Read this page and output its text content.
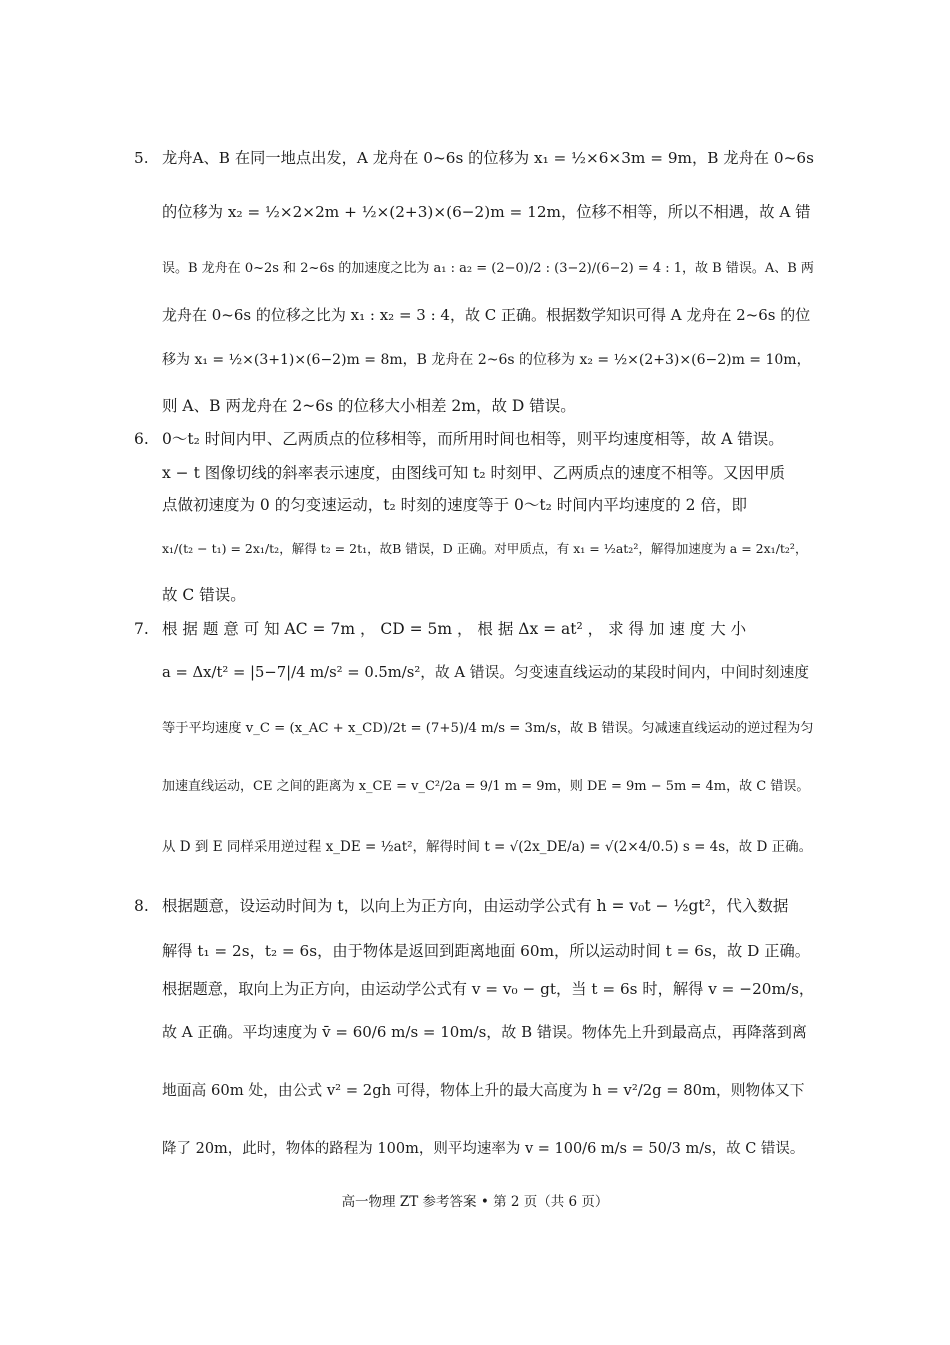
5. 龙舟A、B 在同一地点出发，A 龙舟在 0~6s 的位移为 x₁ = ½×6×3m = 9m，B 龙舟在 0~6s
的位移为 x₂ = ½×2×2m + ½×(2+3)×(6−2)m = 12m，位移不相等，所以不相遇，故 A 错
误。B 龙舟在 0~2s 和 2~6s 的加速度之比为 a₁ : a₂ = (2−0)/2 : (3−2)/(6−2) = 4 : 1，故 B 错误。A、B 两
龙舟在 0~6s 的位移之比为 x₁ : x₂ = 3 : 4，故 C 正确。根据数学知识可得 A 龙舟在 2~6s 的位
移为 x₁ = ½×(3+1)×(6−2)m = 8m，B 龙舟在 2~6s 的位移为 x₂ = ½×(2+3)×(6−2)m = 10m，
则 A、B 两龙舟在 2~6s 的位移大小相差 2m，故 D 错误。
6. 0～t₂ 时间内甲、乙两质点的位移相等，而所用时间也相等，则平均速度相等，故 A 错误。
x − t 图像切线的斜率表示速度，由图线可知 t₂ 时刻甲、乙两质点的速度不相等。又因甲质
点做初速度为 0 的匀变速运动，t₂ 时刻的速度等于 0～t₂ 时间内平均速度的 2 倍，即
x₁/(t₂ − t₁) = 2x₁/t₂，解得 t₂ = 2t₁，故B 错误，D 正确。对甲质点，有 x₁ = ½at₂²，解得加速度为 a = 2x₁/t₂²，
故 C 错误。
7. 根 据 题 意 可 知 AC = 7m ， CD = 5m ， 根 据 Δx = at² ， 求 得 加 速 度 大 小
a = Δx/t² = |5−7|/4 m/s² = 0.5m/s²，故 A 错误。匀变速直线运动的某段时间内，中间时刻速度
等于平均速度 v_C = (x_AC + x_CD)/2t = (7+5)/4 m/s = 3m/s，故 B 错误。匀减速直线运动的逆过程为匀
加速直线运动，CE 之间的距离为 x_CE = v_C²/2a = 9/1 m = 9m，则 DE = 9m − 5m = 4m，故 C 错误。
从 D 到 E 同样采用逆过程 x_DE = ½at²，解得时间 t = √(2x_DE/a) = √(2×4/0.5) s = 4s，故 D 正确。
8. 根据题意，设运动时间为 t，以向上为正方向，由运动学公式有 h = v₀t − ½gt²，代入数据
解得 t₁ = 2s，t₂ = 6s，由于物体是返回到距离地面 60m，所以运动时间 t = 6s，故 D 正确。
根据题意，取向上为正方向，由运动学公式有 v = v₀ − gt，当 t = 6s 时，解得 v = −20m/s，
故 A 正确。平均速度为 v̄ = 60/6 m/s = 10m/s，故 B 错误。物体先上升到最高点，再降落到离
地面高 60m 处，由公式 v² = 2gh 可得，物体上升的最大高度为 h = v²/2g = 80m，则物体又下
降了 20m，此时，物体的路程为 100m，则平均速率为 v = 100/6 m/s = 50/3 m/s，故 C 错误。
高一物理 ZT 参考答案 • 第 2 页（共 6 页）
